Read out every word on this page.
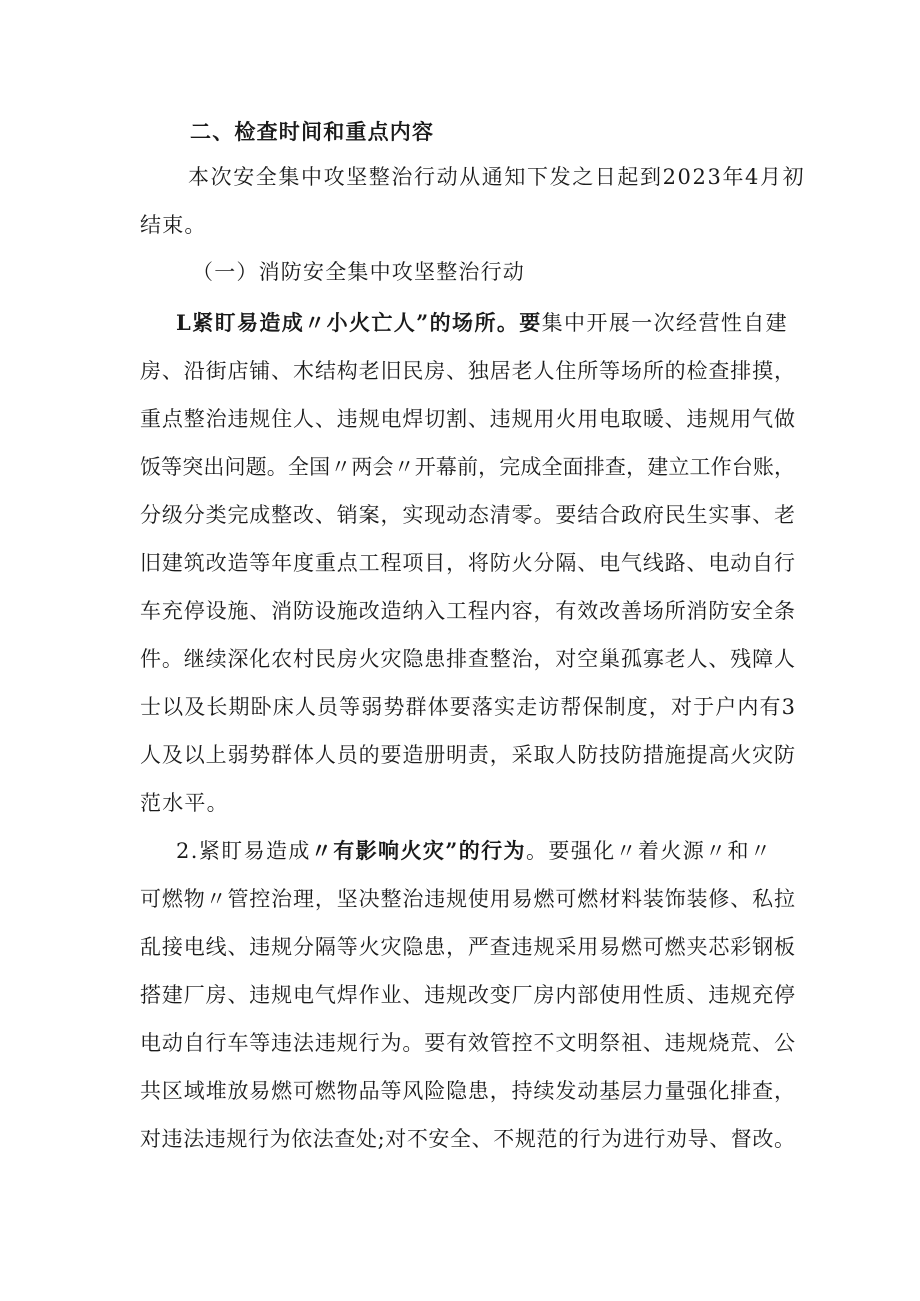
二、检查时间和重点内容
本次安全集中攻坚整治行动从通知下发之日起到2023年4月初
结束。
（一）消防安全集中攻坚整治行动
L紧盯易造成〃小火亡人”的场所。要集中开展一次经营性自建
房、沿街店铺、木结构老旧民房、独居老人住所等场所的检查排摸，
重点整治违规住人、违规电焊切割、违规用火用电取暖、违规用气做
饭等突出问题。全国〃两会〃开幕前，完成全面排查，建立工作台账，
分级分类完成整改、销案，实现动态清零。要结合政府民生实事、老
旧建筑改造等年度重点工程项目，将防火分隔、电气线路、电动自行
车充停设施、消防设施改造纳入工程内容，有效改善场所消防安全条
件。继续深化农村民房火灾隐患排查整治，对空巢孤寡老人、残障人
士以及长期卧床人员等弱势群体要落实走访帮保制度，对于户内有3
人及以上弱势群体人员的要造册明责，采取人防技防措施提高火灾防
范水平。
2.紧盯易造成〃有影响火灾”的行为。要强化〃着火源〃和〃
可燃物〃管控治理，坚决整治违规使用易燃可燃材料装饰装修、私拉
乱接电线、违规分隔等火灾隐患，严查违规采用易燃可燃夹芯彩钢板
搭建厂房、违规电气焊作业、违规改变厂房内部使用性质、违规充停
电动自行车等违法违规行为。要有效管控不文明祭祖、违规烧荒、公
共区域堆放易燃可燃物品等风险隐患，持续发动基层力量强化排查，
对违法违规行为依法查处;对不安全、不规范的行为进行劝导、督改。
